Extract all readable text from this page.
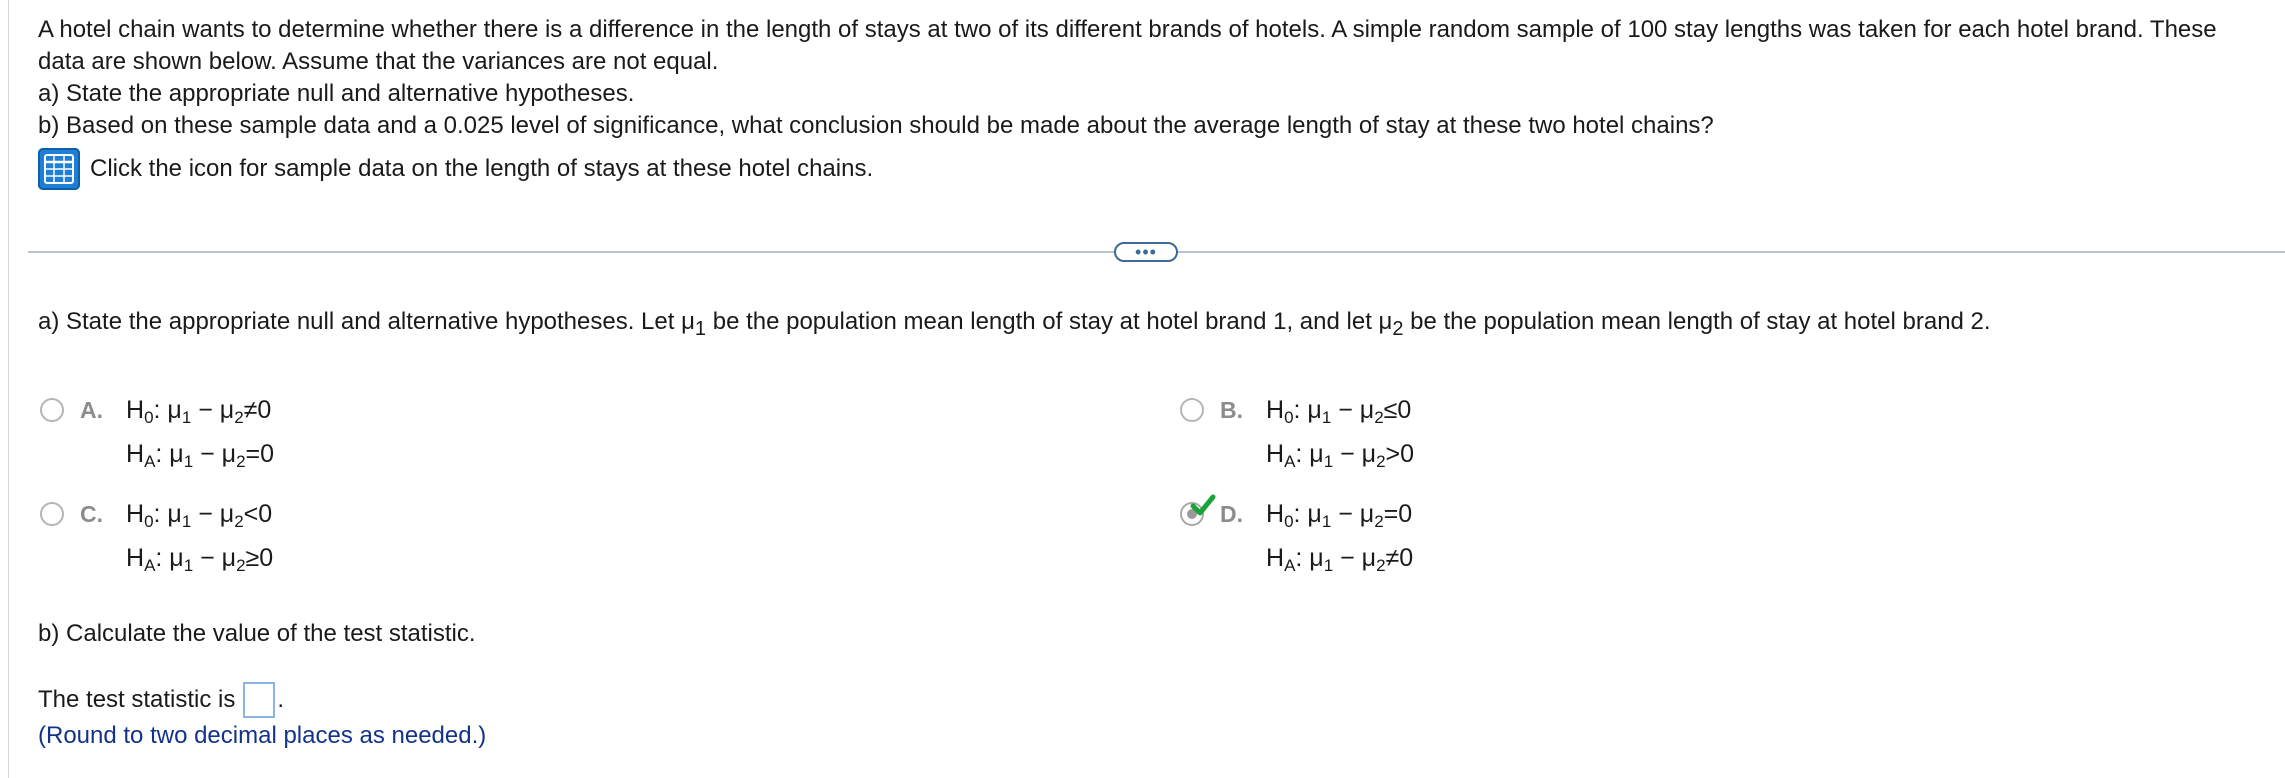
A hotel chain wants to determine whether there is a difference in the length of stays at two of its different brands of hotels. A simple random sample of 100 stay lengths was taken for each hotel brand. These data are shown below. Assume that the variances are not equal.

a) State the appropriate null and alternative hypotheses.

b) Based on these sample data and a 0.025 level of significance, what conclusion should be made about the average length of stay at these two hotel chains?

Click the icon for sample data on the length of stays at these hotel chains.
•••
a) State the appropriate null and alternative hypotheses. Let $\mu_1$ be the population mean length of stay at hotel brand 1, and let $\mu_2$ be the population mean length of stay at hotel brand 2.
A. $H_0$: $\mu_1 - \mu_2\ne 0$
$H_A$: $\mu_1 - \mu_2=0$
B. $H_0$: $\mu_1 - \mu_2\le 0$
$H_A$: $\mu_1 - \mu_2>0$
C. $H_0$: $\mu_1 - \mu_2<0$
$H_A$: $\mu_1 - \mu_2\ge 0$
D. $H_0$: $\mu_1 - \mu_2=0$
$H_A$: $\mu_1 - \mu_2\ne 0$
b) Calculate the value of the test statistic.
The test statistic is .
(Round to two decimal places as needed.)
